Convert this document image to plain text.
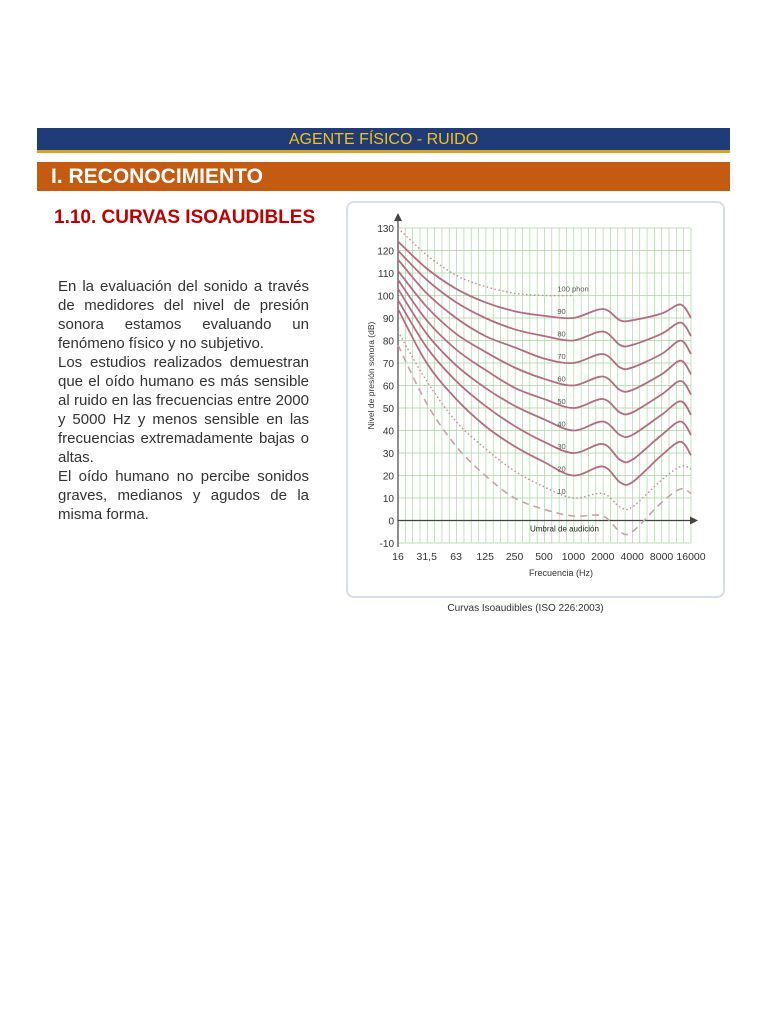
AGENTE FÍSICO - RUIDO
I. RECONOCIMIENTO
1.10. CURVAS ISOAUDIBLES

En la evaluación del sonido a través de medidores del nivel de presión sonora estamos evaluando un fenómeno físico y no subjetivo.

Los estudios realizados demuestran que el oído humano es más sensible al ruido en las frecuencias entre 2000 y 5000 Hz y menos sensible en las frecuencias extremadamente bajas o altas.

El oído humano no percibe sonidos graves, medianos y agudos de la misma forma.

-10
0
10
20
30
40
50
60
70
80
90
100
110
120
130
16 31,5 63 125 250 500 1000 2000 4000 8000 16000
Frecuencia (Hz)
Nivel de presión sonora (dB)
100 phon
90
80
70
60
50
40
30
20
10
Umbral de audición
Curvas Isoaudibles (ISO 226:2003)
